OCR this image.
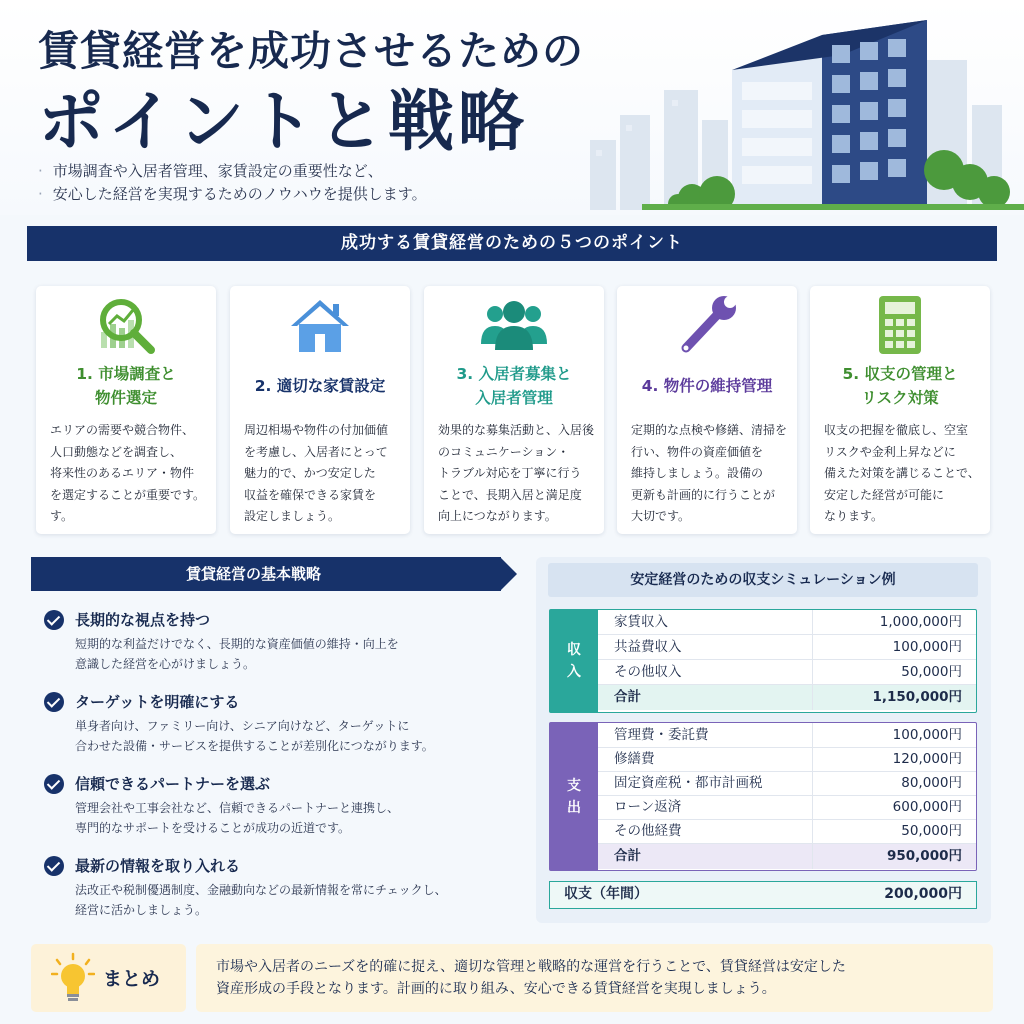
賃貸経営を成功させるための
ポイントと戦略
· 市場調査や入居者管理、家賃設定の重要性など、
· 安心した経営を実現するためのノウハウを提供します。
成功する賃貸経営のための５つのポイント
1. 市場調査と
物件選定

エリアの需要や競合物件、
人口動態などを調査し、
将来性のあるエリア・物件
を選定することが重要です。
す。

2. 適切な家賃設定

周辺相場や物件の付加価値
を考慮し、入居者にとって
魅力的で、かつ安定した
収益を確保できる家賃を
設定しましょう。

3. 入居者募集と
入居者管理

効果的な募集活動と、入居後
のコミュニケーション・
トラブル対応を丁寧に行う
ことで、長期入居と満足度
向上につながります。

4. 物件の維持管理

定期的な点検や修繕、清掃を
行い、物件の資産価値を
維持しましょう。設備の
更新も計画的に行うことが
大切です。

5. 収支の管理と
リスク対策

収支の把握を徹底し、空室
リスクや金利上昇などに
備えた対策を講じることで、
安定した経営が可能に
なります。

賃貸経営の基本戦略
長期的な視点を持つ

短期的な利益だけでなく、長期的な資産価値の維持・向上を
意識した経営を心がけましょう。

ターゲットを明確にする

単身者向け、ファミリー向け、シニア向けなど、ターゲットに
合わせた設備・サービスを提供することが差別化につながります。

信頼できるパートナーを選ぶ

管理会社や工事会社など、信頼できるパートナーと連携し、
専門的なサポートを受けることが成功の近道です。

最新の情報を取り入れる

法改正や税制優遇制度、金融動向などの最新情報を常にチェックし、
経営に活かしましょう。

安定経営のための収支シミュレーション例
収
入
家賃収入	1,000,000円
共益費収入	100,000円
その他収入	50,000円
合計	1,150,000円
支
出
管理費・委託費	100,000円
修繕費	120,000円
固定資産税・都市計画税	80,000円
ローン返済	600,000円
その他経費	50,000円
合計	950,000円
収支（年間）	200,000円
まとめ
市場や入居者のニーズを的確に捉え、適切な管理と戦略的な運営を行うことで、賃貸経営は安定した
資産形成の手段となります。計画的に取り組み、安心できる賃貸経営を実現しましょう。
